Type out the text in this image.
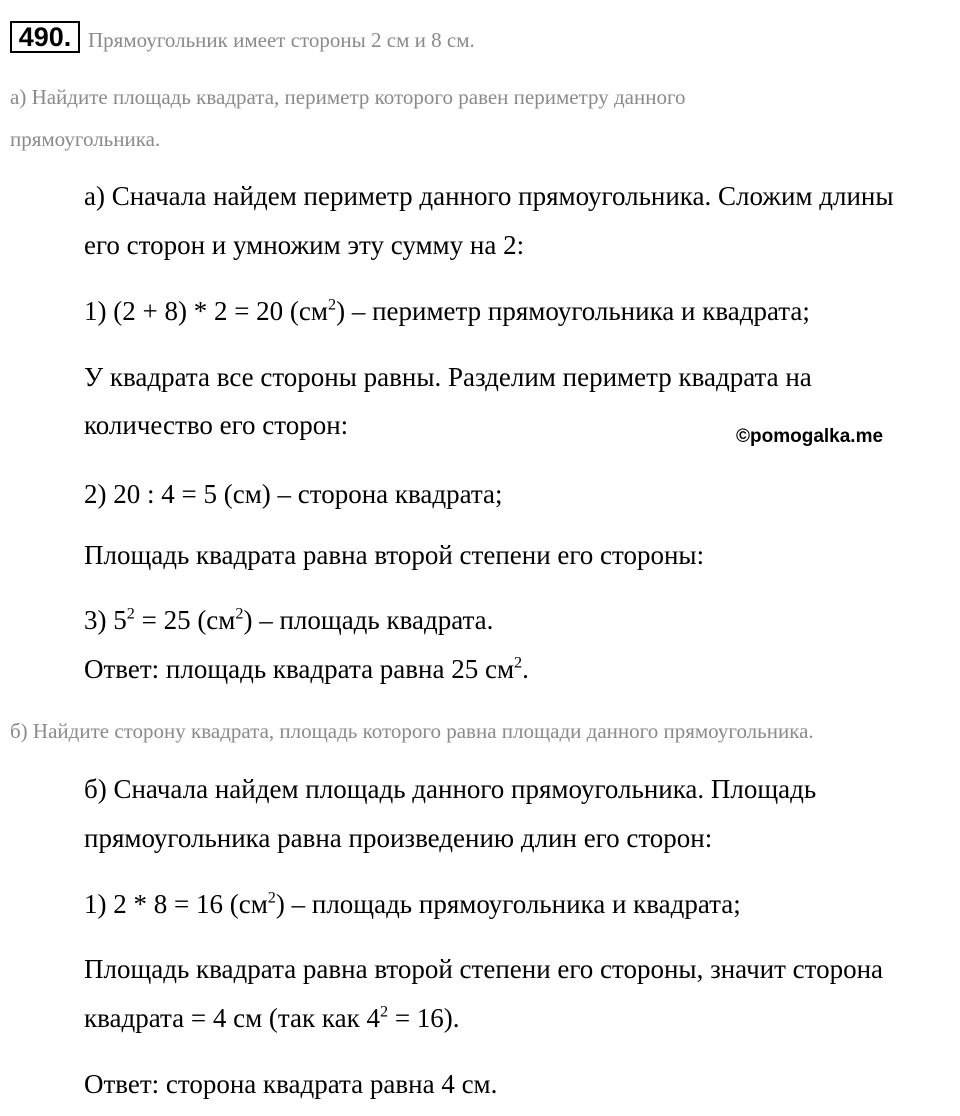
490. Прямоугольник имеет стороны 2 см и 8 см.
а) Найдите площадь квадрата, периметр которого равен периметру данного
прямоугольника.
а) Сначала найдем периметр данного прямоугольника. Сложим длины
его сторон и умножим эту сумму на 2:
1) (2 + 8) * 2 = 20 $(см^2)$ – периметр прямоугольника и квадрата;
У квадрата все стороны равны. Разделим периметр квадрата на
количество его сторон:	©pomogalka.me
2) 20 : 4 = 5 (см) – сторона квадрата;
Площадь квадрата равна второй степени его стороны:
3) $5^2 = 25$ $(см^2)$ – площадь квадрата.
Ответ: площадь квадрата равна 25 $см^2$.
б) Найдите сторону квадрата, площадь которого равна площади данного прямоугольника.
б) Сначала найдем площадь данного прямоугольника. Площадь
прямоугольника равна произведению длин его сторон:
1) 2 * 8 = 16 $(см^2)$ – площадь прямоугольника и квадрата;
Площадь квадрата равна второй степени его стороны, значит сторона
квадрата = 4 см (так как $4^2 = 16$).
Ответ: сторона квадрата равна 4 см.
